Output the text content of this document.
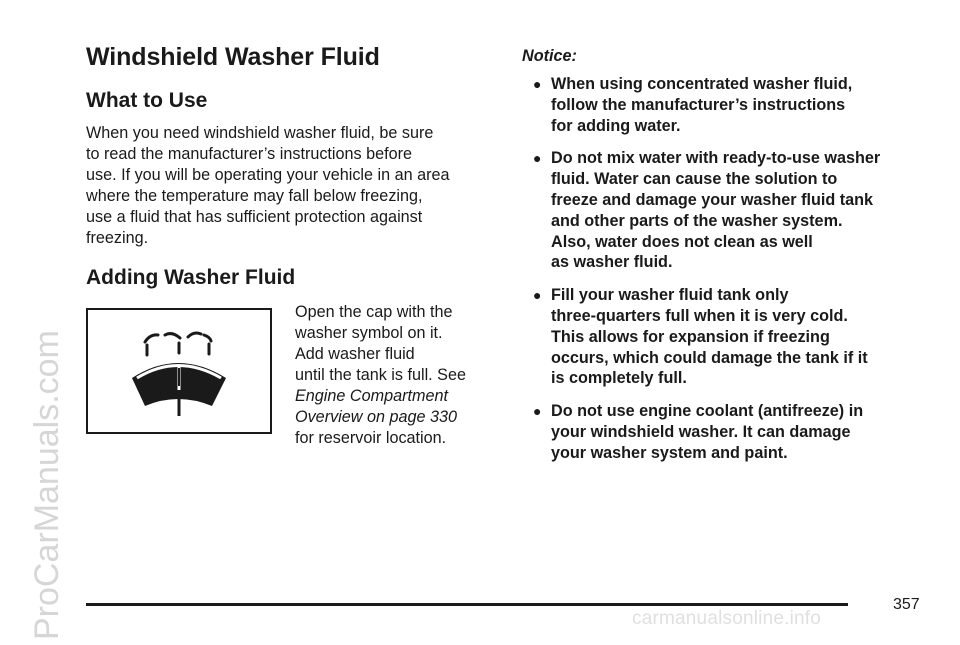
ProCarManuals.com
Windshield Washer Fluid
What to Use

When you need windshield washer fluid, be sure
to read the manufacturer’s instructions before
use. If you will be operating your vehicle in an area
where the temperature may fall below freezing,
use a fluid that has sufficient protection against
freezing.

Adding Washer Fluid
Open the cap with the
washer symbol on it.
Add washer fluid
until the tank is full. See
Engine Compartment
Overview on page 330
for reservoir location.

Notice:

● When using concentrated washer fluid,
follow the manufacturer’s instructions
for adding water.
● Do not mix water with ready-to-use washer
fluid. Water can cause the solution to
freeze and damage your washer fluid tank
and other parts of the washer system.
Also, water does not clean as well
as washer fluid.
● Fill your washer fluid tank only
three-quarters full when it is very cold.
This allows for expansion if freezing
occurs, which could damage the tank if it
is completely full.
● Do not use engine coolant (antifreeze) in
your windshield washer. It can damage
your washer system and paint.
357
carmanualsonline.info
